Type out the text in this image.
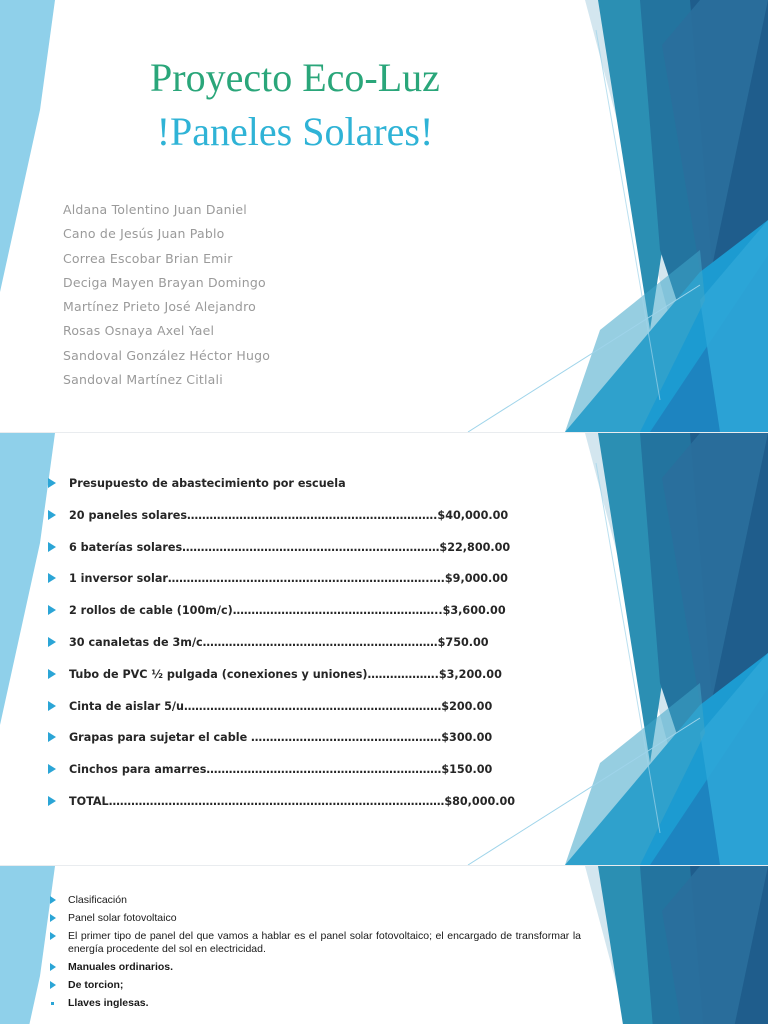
Proyecto Eco-Luz
!Paneles Solares!
Aldana Tolentino Juan Daniel
Cano de Jesús Juan Pablo
Correa Escobar Brian Emir
Deciga Mayen Brayan Domingo
Martínez Prieto José Alejandro
Rosas Osnaya Axel Yael
Sandoval González Héctor Hugo
Sandoval Martínez Citlali
Presupuesto de abastecimiento por escuela
20 paneles solares………………………………………………………….$40,000.00
6 baterías solares……………………………………………………………$22,800.00
1 inversor solar…………………………………………………………….….$9,000.00
2 rollos de cable (100m/c)………………………………………………..$3,600.00
30 canaletas de 3m/c………………………………………………………$750.00
Tubo de PVC ½ pulgada (conexiones y uniones)……………….$3,200.00
Cinta de aislar 5/u……………………………………………………………$200.00
Grapas para sujetar el cable ……………………………………………$300.00
Cinchos para amarres………………………………………………………$150.00
TOTAL………………………………………………………………………………$80,000.00
Clasificación
Panel solar fotovoltaico
El primer tipo de panel del que vamos a hablar es el panel solar fotovoltaico; el encargado de transformar la energía procedente del sol en electricidad.
Manuales ordinarios.
De torcion;
Llaves inglesas.
